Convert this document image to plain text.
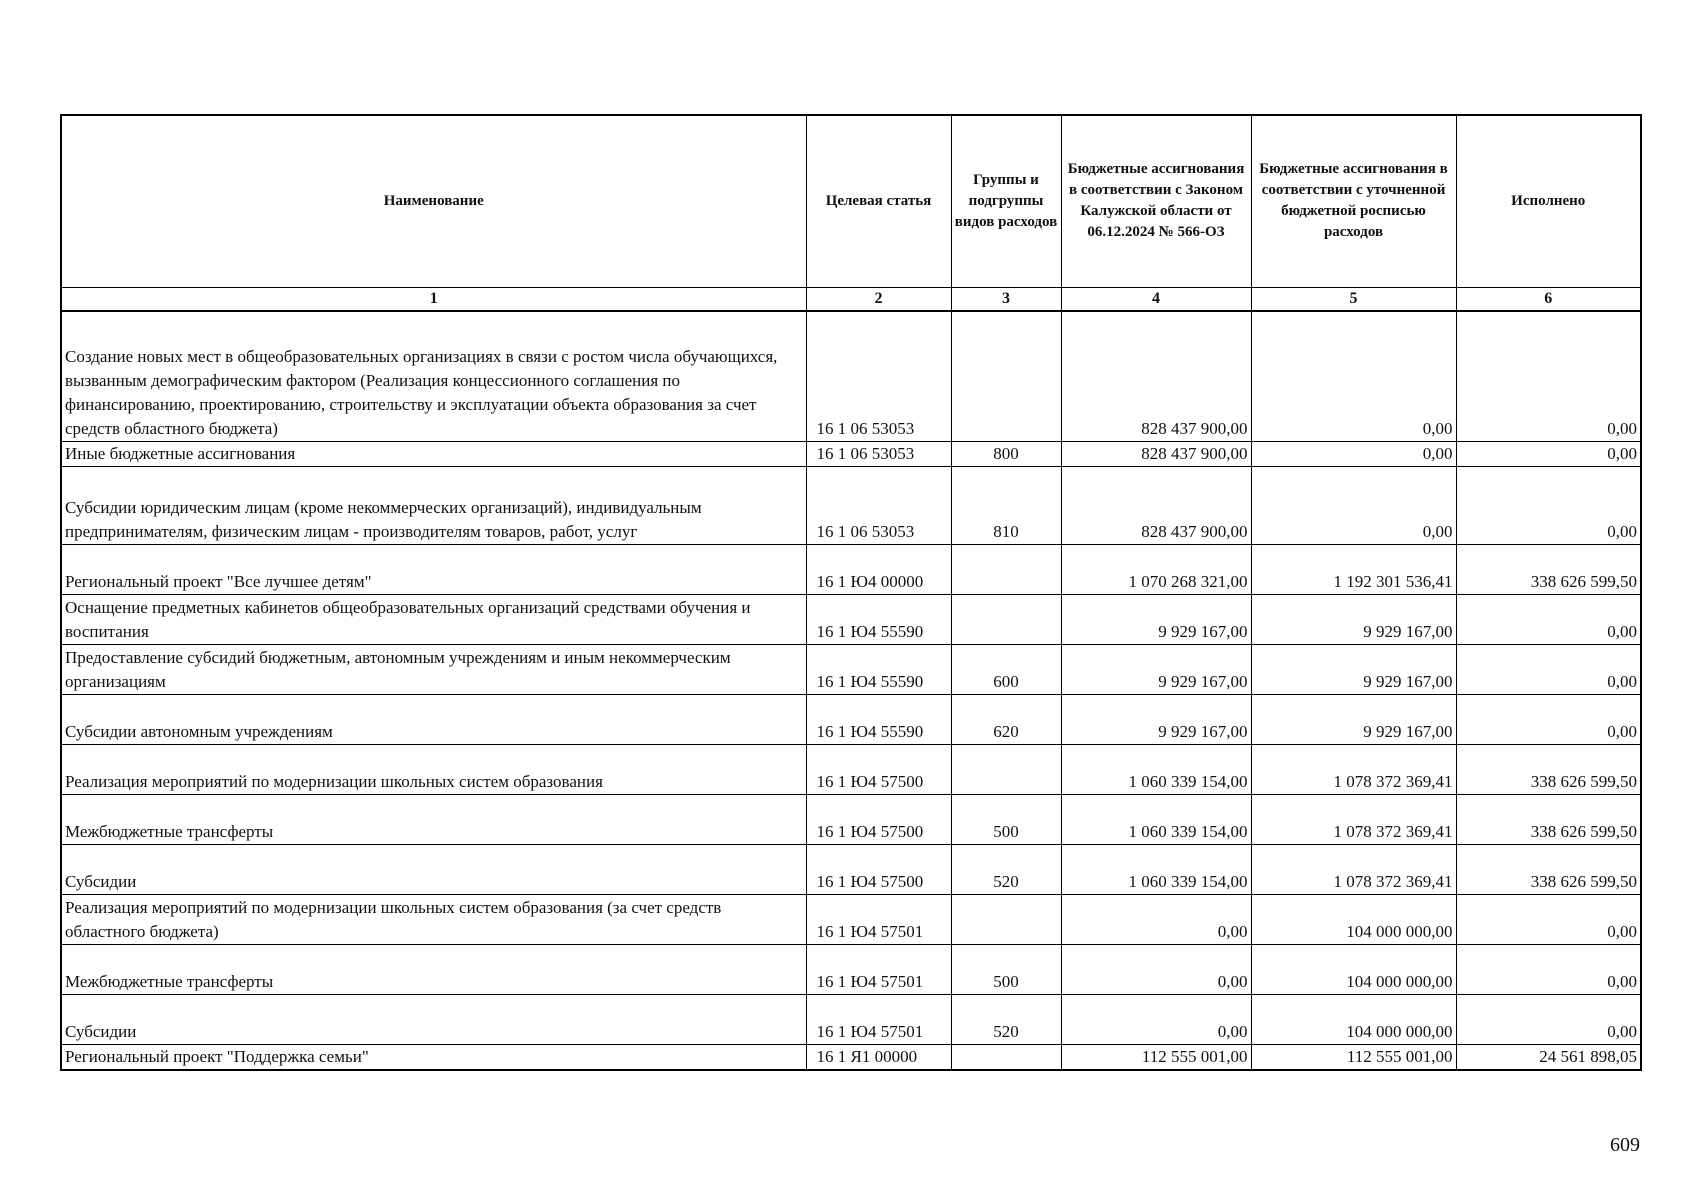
Наименование	Целевая статья	Группы и подгруппы видов расходов	Бюджетные ассигнования в соответствии с Законом Калужской области от 06.12.2024 № 566-ОЗ	Бюджетные ассигнования в соответствии с уточненной бюджетной росписью расходов	Исполнено
1	2	3	4	5	6
Создание новых мест в общеобразовательных организациях в связи с ростом числа обучающихся, вызванным демографическим фактором (Реализация концессионного соглашения по финансированию, проектированию, строительству и эксплуатации объекта образования за счет средств областного бюджета)	16 1 06 53053		828 437 900,00	0,00	0,00
Иные бюджетные ассигнования	16 1 06 53053	800	828 437 900,00	0,00	0,00
Субсидии юридическим лицам (кроме некоммерческих организаций), индивидуальным предпринимателям, физическим лицам - производителям товаров, работ, услуг	16 1 06 53053	810	828 437 900,00	0,00	0,00
Региональный проект "Все лучшее детям"	16 1 Ю4 00000		1 070 268 321,00	1 192 301 536,41	338 626 599,50
Оснащение предметных кабинетов общеобразовательных организаций средствами обучения и воспитания	16 1 Ю4 55590		9 929 167,00	9 929 167,00	0,00
Предоставление субсидий бюджетным, автономным учреждениям и иным некоммерческим организациям	16 1 Ю4 55590	600	9 929 167,00	9 929 167,00	0,00
Субсидии автономным учреждениям	16 1 Ю4 55590	620	9 929 167,00	9 929 167,00	0,00
Реализация мероприятий по модернизации школьных систем образования	16 1 Ю4 57500		1 060 339 154,00	1 078 372 369,41	338 626 599,50
Межбюджетные трансферты	16 1 Ю4 57500	500	1 060 339 154,00	1 078 372 369,41	338 626 599,50
Субсидии	16 1 Ю4 57500	520	1 060 339 154,00	1 078 372 369,41	338 626 599,50
Реализация мероприятий по модернизации школьных систем образования (за счет средств областного бюджета)	16 1 Ю4 57501		0,00	104 000 000,00	0,00
Межбюджетные трансферты	16 1 Ю4 57501	500	0,00	104 000 000,00	0,00
Субсидии	16 1 Ю4 57501	520	0,00	104 000 000,00	0,00
Региональный проект "Поддержка семьи"	16 1 Я1 00000		112 555 001,00	112 555 001,00	24 561 898,05
609
